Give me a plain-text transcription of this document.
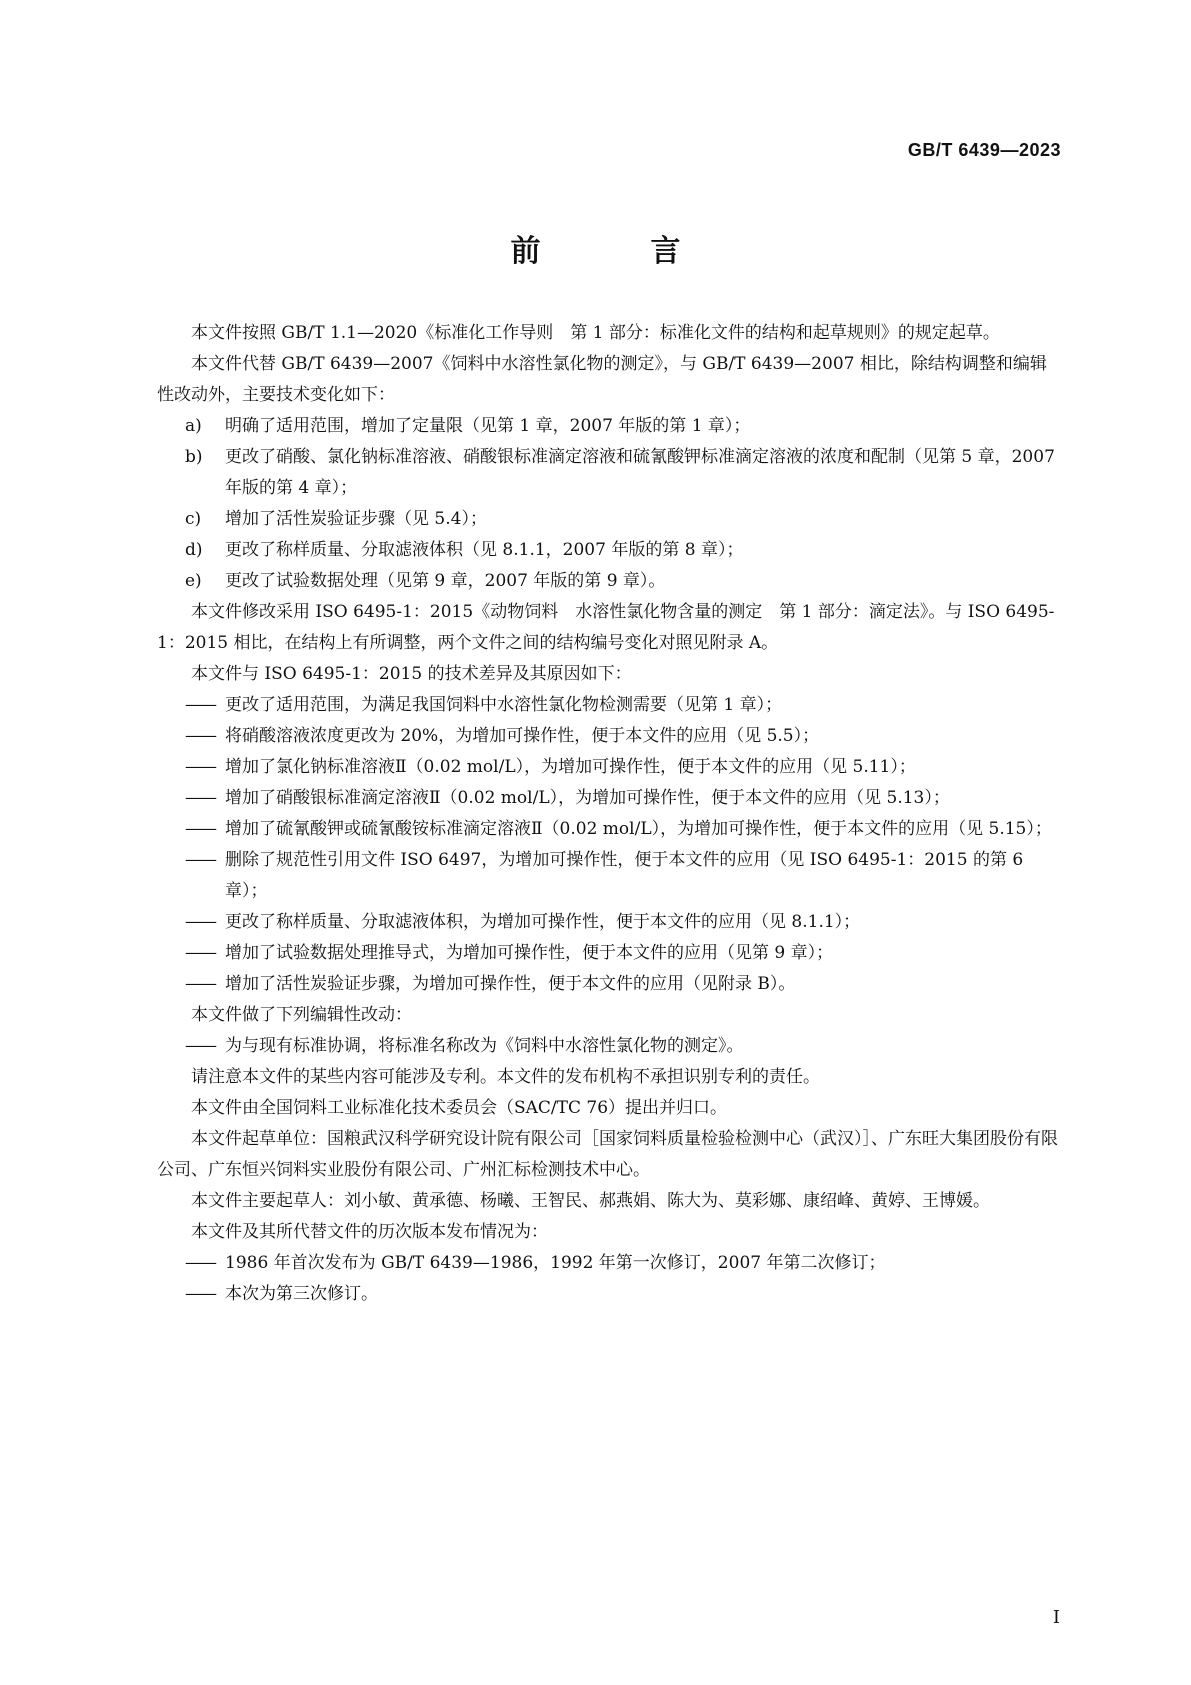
GB/T 6439—2023
前　言

本文件按照 GB/T 1.1—2020《标准化工作导则　第 1 部分：标准化文件的结构和起草规则》的规定起草。

本文件代替 GB/T 6439—2007《饲料中水溶性氯化物的测定》，与 GB/T 6439—2007 相比，除结构调整和编辑性改动外，主要技术变化如下：

a)	明确了适用范围，增加了定量限（见第 1 章，2007 年版的第 1 章）；
b)	更改了硝酸、氯化钠标准溶液、硝酸银标准滴定溶液和硫氰酸钾标准滴定溶液的浓度和配制（见第 5 章，2007 年版的第 4 章）；
c)	增加了活性炭验证步骤（见 5.4）；
d)	更改了称样质量、分取滤液体积（见 8.1.1，2007 年版的第 8 章）；
e)	更改了试验数据处理（见第 9 章，2007 年版的第 9 章）。

本文件修改采用 ISO 6495-1：2015《动物饲料　水溶性氯化物含量的测定　第 1 部分：滴定法》。与 ISO 6495-1：2015 相比，在结构上有所调整，两个文件之间的结构编号变化对照见附录 A。

本文件与 ISO 6495-1：2015 的技术差异及其原因如下：

—— 更改了适用范围，为满足我国饲料中水溶性氯化物检测需要（见第 1 章）；
—— 将硝酸溶液浓度更改为 20%，为增加可操作性，便于本文件的应用（见 5.5）；
—— 增加了氯化钠标准溶液Ⅱ（0.02 mol/L），为增加可操作性，便于本文件的应用（见 5.11）；
—— 增加了硝酸银标准滴定溶液Ⅱ（0.02 mol/L），为增加可操作性，便于本文件的应用（见 5.13）；
—— 增加了硫氰酸钾或硫氰酸铵标准滴定溶液Ⅱ（0.02 mol/L），为增加可操作性，便于本文件的应用（见 5.15）；
—— 删除了规范性引用文件 ISO 6497，为增加可操作性，便于本文件的应用（见 ISO 6495-1：2015 的第 6 章）；
—— 更改了称样质量、分取滤液体积，为增加可操作性，便于本文件的应用（见 8.1.1）；
—— 增加了试验数据处理推导式，为增加可操作性，便于本文件的应用（见第 9 章）；
—— 增加了活性炭验证步骤，为增加可操作性，便于本文件的应用（见附录 B）。

本文件做了下列编辑性改动：

—— 为与现有标准协调，将标准名称改为《饲料中水溶性氯化物的测定》。

请注意本文件的某些内容可能涉及专利。本文件的发布机构不承担识别专利的责任。

本文件由全国饲料工业标准化技术委员会（SAC/TC 76）提出并归口。

本文件起草单位：国粮武汉科学研究设计院有限公司［国家饲料质量检验检测中心（武汉）］、广东旺大集团股份有限公司、广东恒兴饲料实业股份有限公司、广州汇标检测技术中心。

本文件主要起草人：刘小敏、黄承德、杨曦、王智民、郝燕娟、陈大为、莫彩娜、康绍峰、黄婷、王博媛。

本文件及其所代替文件的历次版本发布情况为：

—— 1986 年首次发布为 GB/T 6439—1986，1992 年第一次修订，2007 年第二次修订；
—— 本次为第三次修订。
Ⅰ
